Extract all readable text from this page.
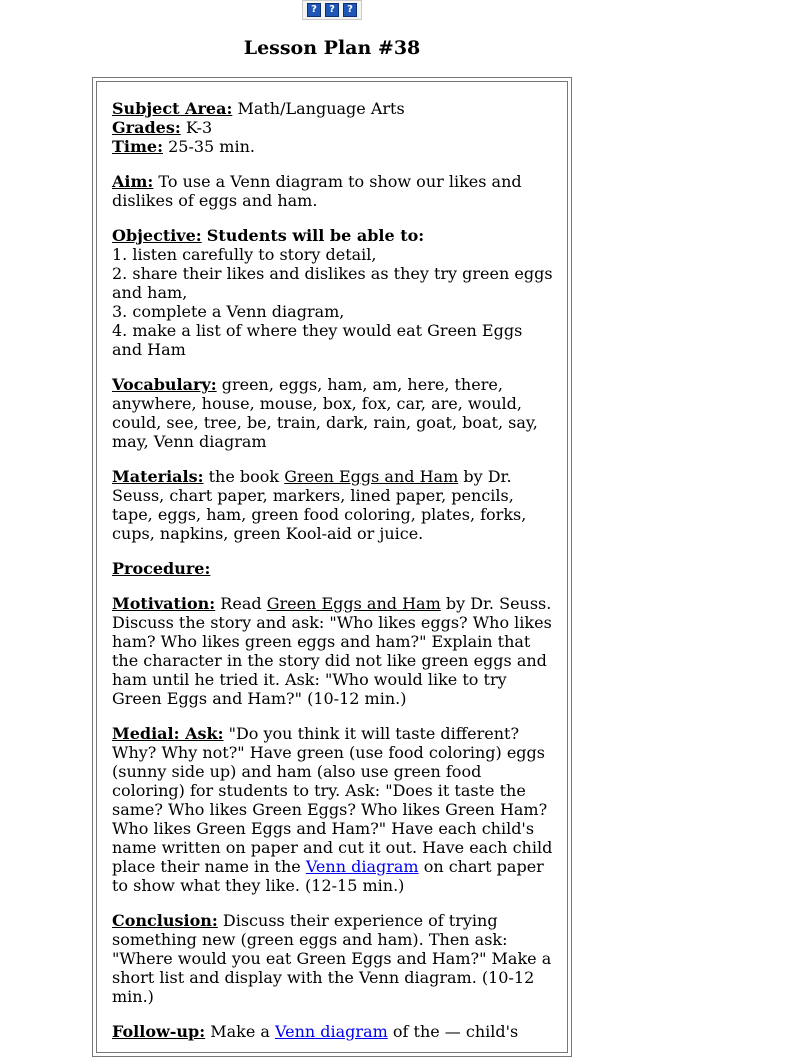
?	?	?
Lesson Plan #38

Subject Area: Math/Language Arts
Grades: K-3
Time: 25-35 min.

Aim: To use a Venn diagram to show our likes and dislikes of eggs and ham.

Objective: Students will be able to:
1. listen carefully to story detail,
2. share their likes and dislikes as they try green eggs and ham,
3. complete a Venn diagram,
4. make a list of where they would eat Green Eggs and Ham

Vocabulary: green, eggs, ham, am, here, there, anywhere, house, mouse, box, fox, car, are, would, could, see, tree, be, train, dark, rain, goat, boat, say, may, Venn diagram

Materials: the book Green Eggs and Ham by Dr. Seuss, chart paper, markers, lined paper, pencils, tape, eggs, ham, green food coloring, plates, forks, cups, napkins, green Kool-aid or juice.

Procedure:

Motivation: Read Green Eggs and Ham by Dr. Seuss. Discuss the story and ask: "Who likes eggs? Who likes ham? Who likes green eggs and ham?" Explain that the character in the story did not like green eggs and ham until he tried it. Ask: "Who would like to try Green Eggs and Ham?" (10-12 min.)

Medial: Ask: "Do you think it will taste different? Why? Why not?" Have green (use food coloring) eggs (sunny side up) and ham (also use green food coloring) for students to try. Ask: "Does it taste the same? Who likes Green Eggs? Who likes Green Ham? Who likes Green Eggs and Ham?" Have each child's name written on paper and cut it out. Have each child place their name in the Venn diagram on chart paper to show what they like. (12-15 min.)

Conclusion: Discuss their experience of trying something new (green eggs and ham). Then ask: "Where would you eat Green Eggs and Ham?" Make a short list and display with the Venn diagram. (10-12 min.)

Follow-up: Make a Venn diagram of the — child's
